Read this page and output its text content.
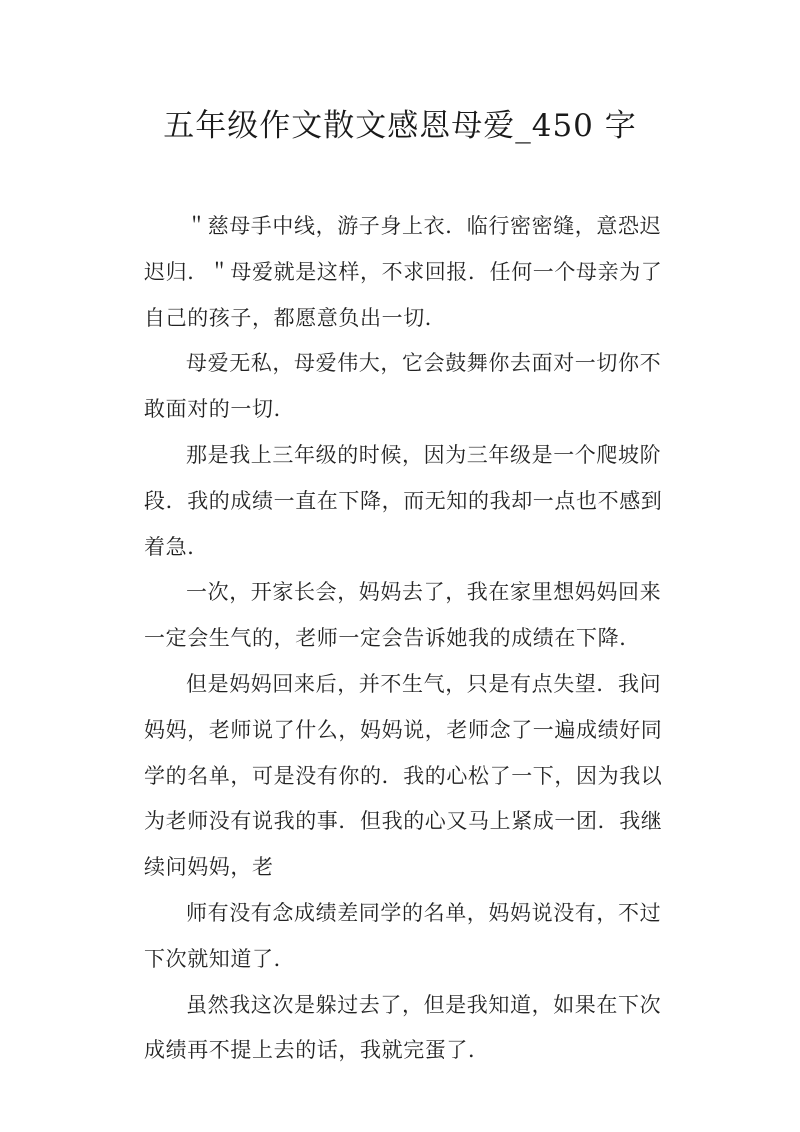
五年级作文散文感恩母爱_450 字

＂慈母手中线，游子身上衣．临行密密缝，意恐迟
迟归．＂母爱就是这样，不求回报．任何一个母亲为了
自己的孩子，都愿意负出一切．

母爱无私，母爱伟大，它会鼓舞你去面对一切你不
敢面对的一切．

那是我上三年级的时候，因为三年级是一个爬坡阶
段．我的成绩一直在下降，而无知的我却一点也不感到
着急．

一次，开家长会，妈妈去了，我在家里想妈妈回来
一定会生气的，老师一定会告诉她我的成绩在下降．

但是妈妈回来后，并不生气，只是有点失望．我问
妈妈，老师说了什么，妈妈说，老师念了一遍成绩好同
学的名单，可是没有你的．我的心松了一下，因为我以
为老师没有说我的事．但我的心又马上紧成一团．我继
续问妈妈，老

师有没有念成绩差同学的名单，妈妈说没有，不过
下次就知道了．

虽然我这次是躲过去了，但是我知道，如果在下次
成绩再不提上去的话，我就完蛋了．
